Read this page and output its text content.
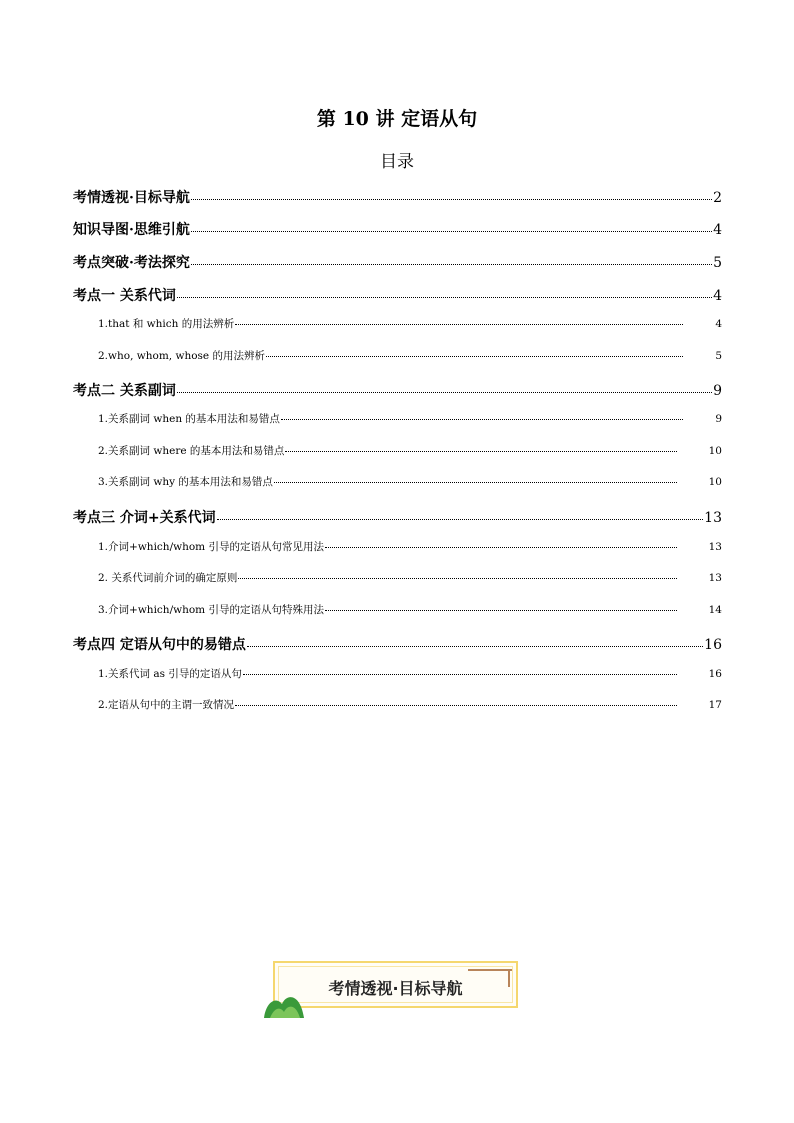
第 10 讲 定语从句
目录
考情透视·目标导航	2
知识导图·思维引航	4
考点突破·考法探究	5
考点一 关系代词	4
1.that 和 which 的用法辨析	4
2.who, whom, whose 的用法辨析	5
考点二 关系副词	9
1.关系副词 when 的基本用法和易错点	9
2.关系副词 where 的基本用法和易错点	10
3.关系副词 why 的基本用法和易错点	10
考点三 介词+关系代词	13
1.介词+which/whom 引导的定语从句常见用法	13
2. 关系代词前介词的确定原则	13
3.介词+which/whom 引导的定语从句特殊用法	14
考点四 定语从句中的易错点	16
1.关系代词 as 引导的定语从句	16
2.定语从句中的主谓一致情况	17
考情透视·目标导航
